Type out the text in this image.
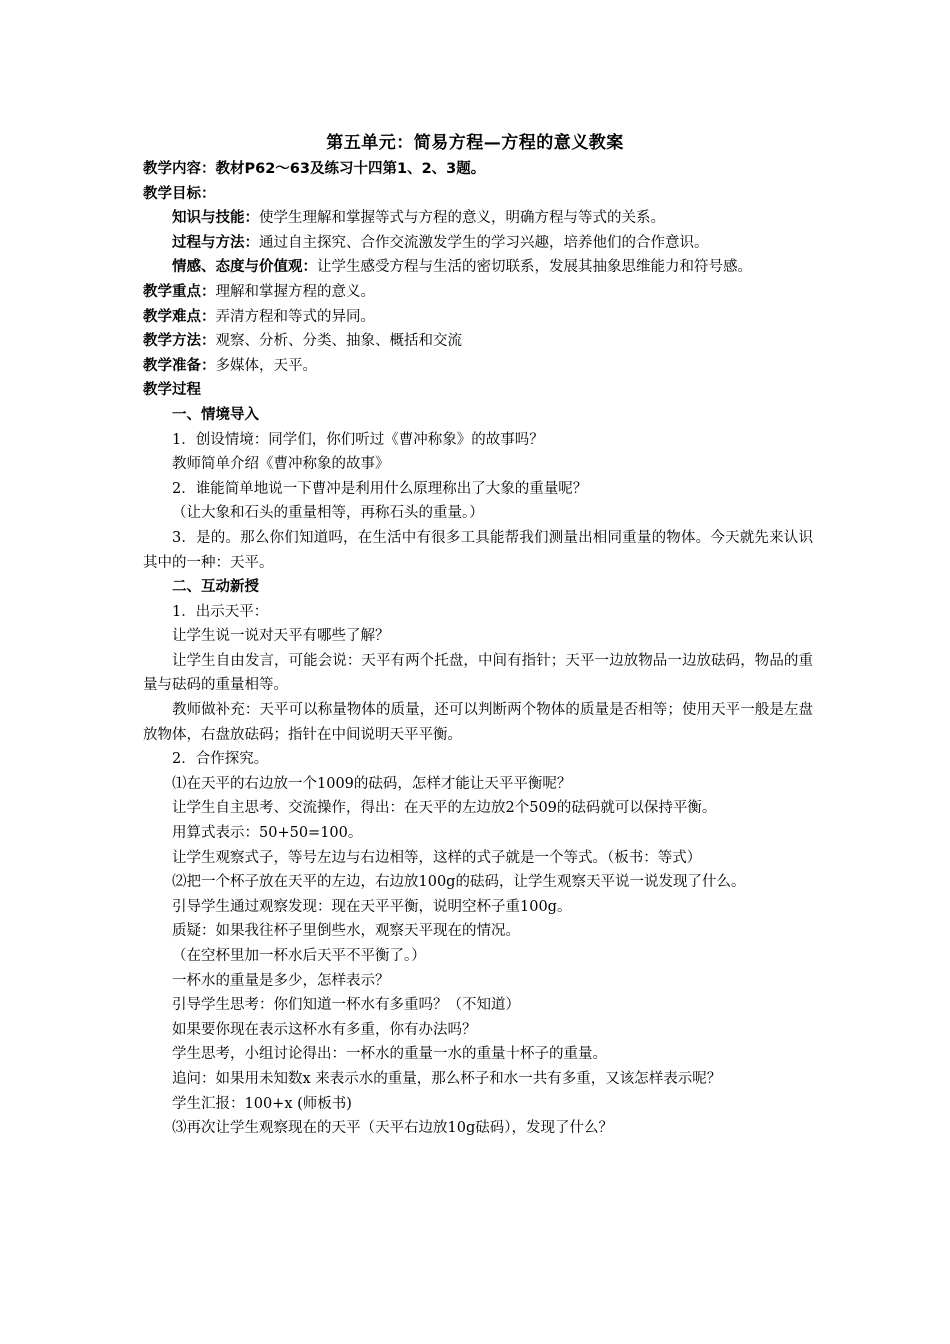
第五单元：简易方程—方程的意义教案

教学内容：教材P62～63及练习十四第1、2、3题。

教学目标：

知识与技能：使学生理解和掌握等式与方程的意义，明确方程与等式的关系。

过程与方法：通过自主探究、合作交流激发学生的学习兴趣，培养他们的合作意识。

情感、态度与价值观：让学生感受方程与生活的密切联系，发展其抽象思维能力和符号感。

教学重点：理解和掌握方程的意义。

教学难点：弄清方程和等式的异同。

教学方法：观察、分析、分类、抽象、概括和交流

教学准备：多媒体，天平。

教学过程

一、情境导入

1．创设情境：同学们，你们听过《曹冲称象》的故事吗？

教师简单介绍《曹冲称象的故事》

2．谁能简单地说一下曹冲是利用什么原理称出了大象的重量呢？

（让大象和石头的重量相等，再称石头的重量。）

3．是的。那么你们知道吗，在生活中有很多工具能帮我们测量出相同重量的物体。今天就先来认识其中的一种：天平。

二、互动新授

1．出示天平：

让学生说一说对天平有哪些了解？

让学生自由发言，可能会说：天平有两个托盘，中间有指针；天平一边放物品一边放砝码，物品的重量与砝码的重量相等。

教师做补充：天平可以称量物体的质量，还可以判断两个物体的质量是否相等；使用天平一般是左盘放物体，右盘放砝码；指针在中间说明天平平衡。

2．合作探究。

⑴在天平的右边放一个1009的砝码，怎样才能让天平平衡呢？

让学生自主思考、交流操作，得出：在天平的左边放2个509的砝码就可以保持平衡。

用算式表示：50+50=100。

让学生观察式子，等号左边与右边相等，这样的式子就是一个等式。（板书：等式）

⑵把一个杯子放在天平的左边，右边放100g的砝码，让学生观察天平说一说发现了什么。

引导学生通过观察发现：现在天平平衡，说明空杯子重100g。

质疑：如果我往杯子里倒些水，观察天平现在的情况。

（在空杯里加一杯水后天平不平衡了。）

一杯水的重量是多少，怎样表示？

引导学生思考：你们知道一杯水有多重吗？（不知道）

如果要你现在表示这杯水有多重，你有办法吗？

学生思考，小组讨论得出：一杯水的重量一水的重量十杯子的重量。

追问：如果用未知数x 来表示水的重量，那么杯子和水一共有多重，又该怎样表示呢？

学生汇报：100+x (师板书)

⑶再次让学生观察现在的天平（天平右边放10g砝码），发现了什么？
